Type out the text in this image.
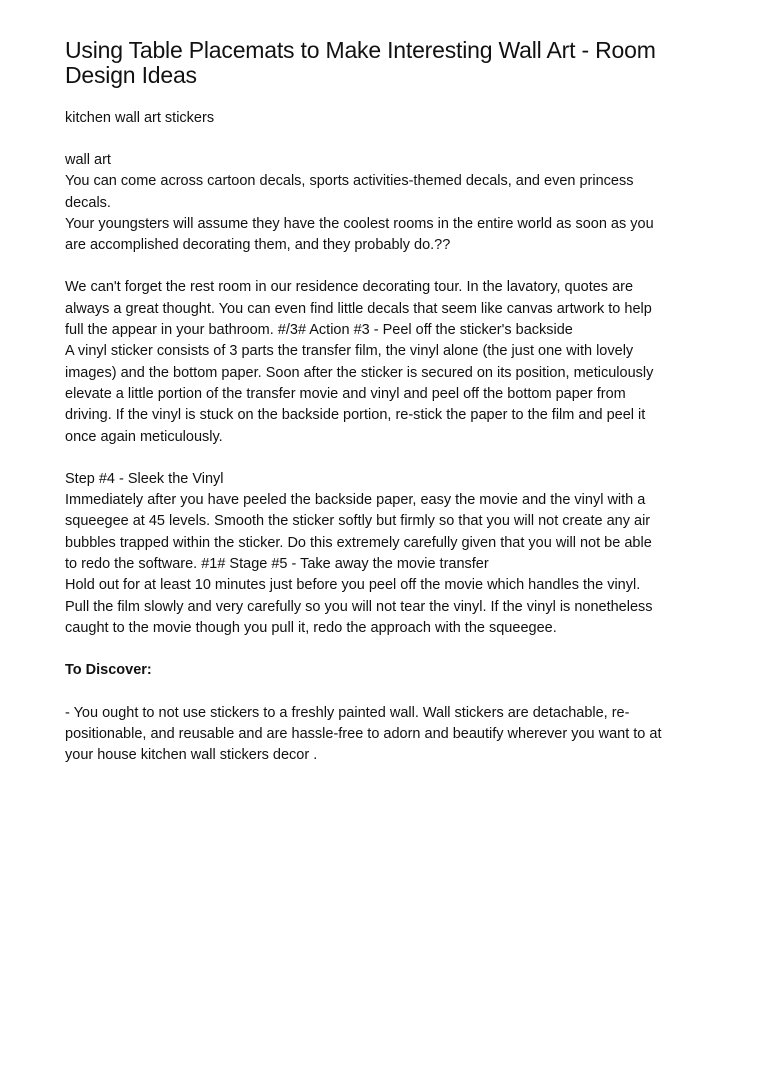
Using Table Placemats to Make Interesting Wall Art - Room
Design Ideas

kitchen wall art stickers

wall art
You can come across cartoon decals, sports activities-themed decals, and even princess
decals.
Your youngsters will assume they have the coolest rooms in the entire world as soon as you
are accomplished decorating them, and they probably do.??
We can't forget the rest room in our residence decorating tour. In the lavatory, quotes are
always a great thought. You can even find little decals that seem like canvas artwork to help
full the appear in your bathroom. #/3# Action #3 - Peel off the sticker's backside
A vinyl sticker consists of 3 parts the transfer film, the vinyl alone (the just one with lovely
images) and the bottom paper. Soon after the sticker is secured on its position, meticulously
elevate a little portion of the transfer movie and vinyl and peel off the bottom paper from
driving. If the vinyl is stuck on the backside portion, re-stick the paper to the film and peel it
once again meticulously.
Step #4 - Sleek the Vinyl
Immediately after you have peeled the backside paper, easy the movie and the vinyl with a
squeegee at 45 levels. Smooth the sticker softly but firmly so that you will not create any air
bubbles trapped within the sticker. Do this extremely carefully given that you will not be able
to redo the software. #1# Stage #5 - Take away the movie transfer
Hold out for at least 10 minutes just before you peel off the movie which handles the vinyl.
Pull the film slowly and very carefully so you will not tear the vinyl. If the vinyl is nonetheless
caught to the movie though you pull it, redo the approach with the squeegee.
To Discover:
- You ought to not use stickers to a freshly painted wall. Wall stickers are detachable, re-
positionable, and reusable and are hassle-free to adorn and beautify wherever you want to at
your house kitchen wall stickers decor .
